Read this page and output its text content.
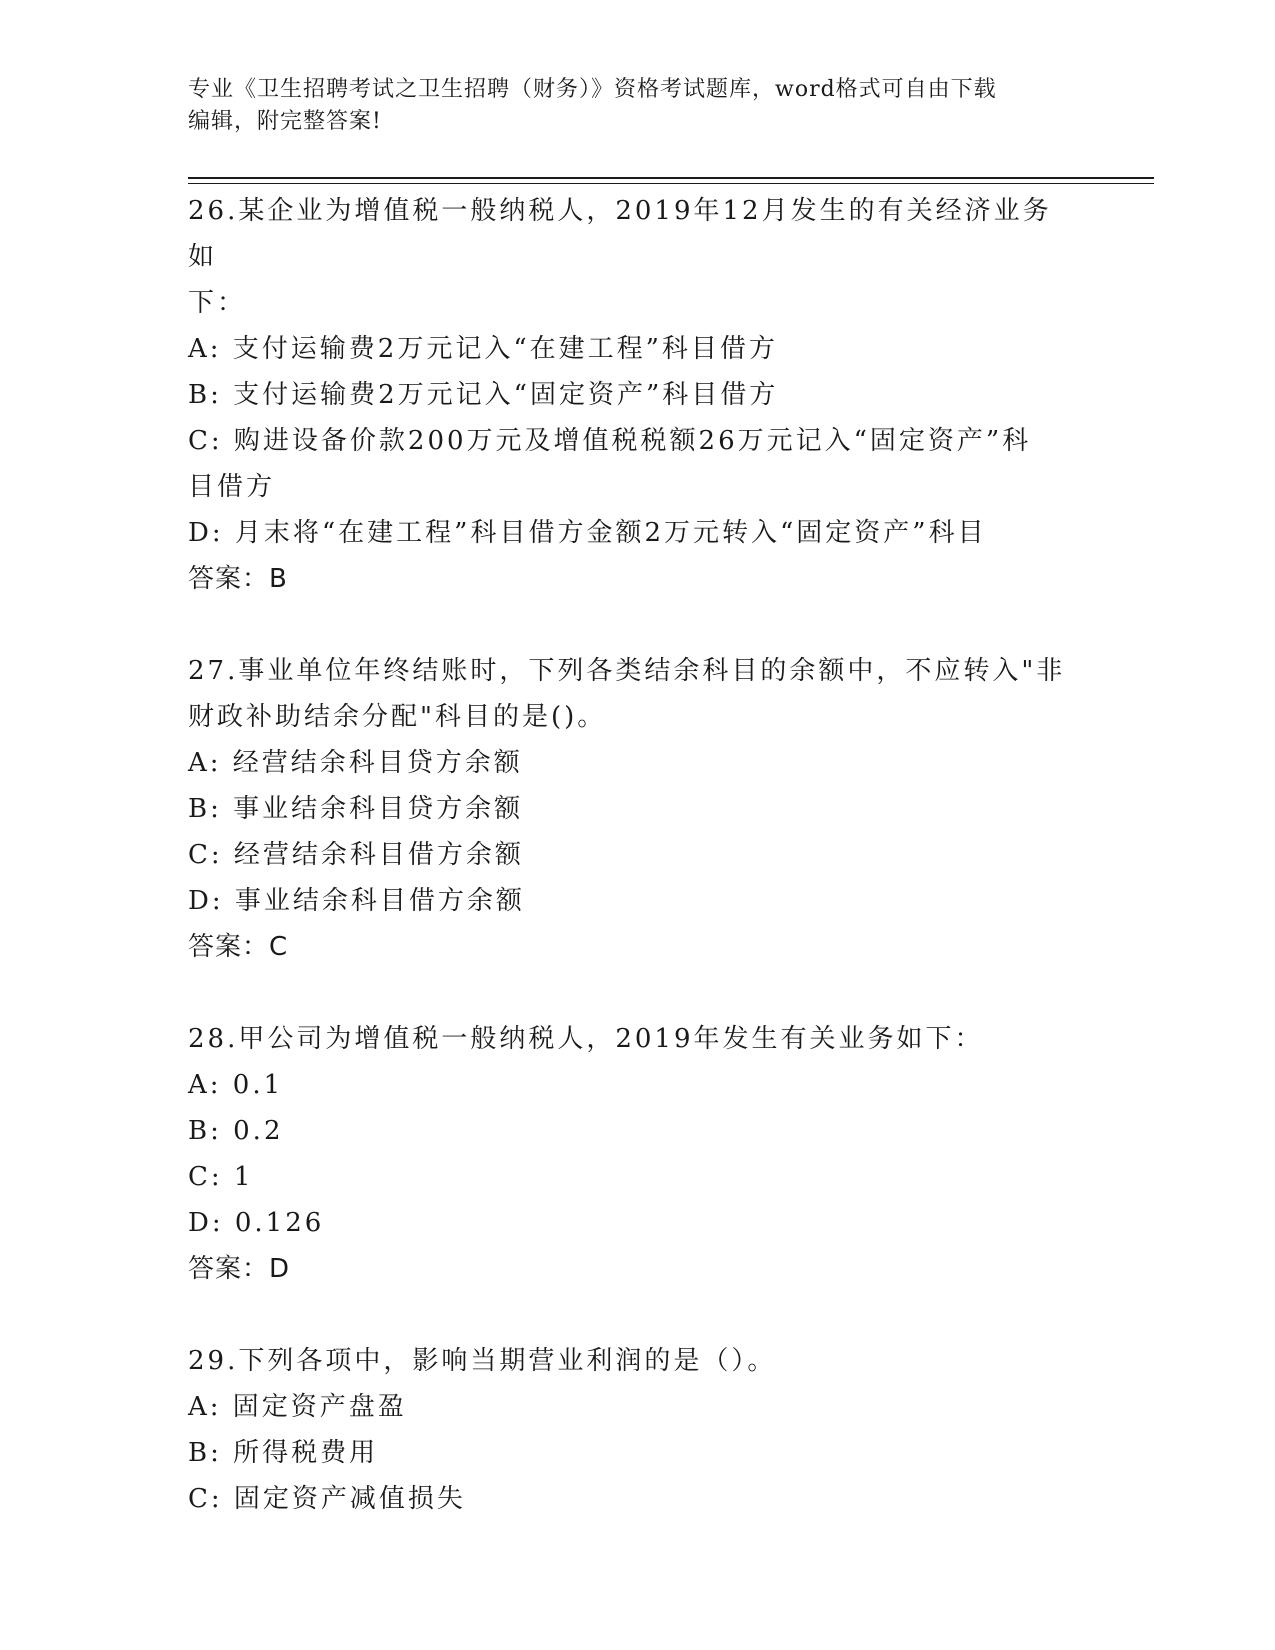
专业《卫生招聘考试之卫生招聘（财务）》资格考试题库，word格式可自由下载
编辑，附完整答案!

26.某企业为增值税一般纳税人，2019年12月发生的有关经济业务如

下：

A: 支付运输费2万元记入“在建工程”科目借方

B: 支付运输费2万元记入“固定资产”科目借方

C: 购进设备价款200万元及增值税税额26万元记入“固定资产”科

目借方

D: 月末将“在建工程”科目借方金额2万元转入“固定资产”科目

答案：B

27.事业单位年终结账时，下列各类结余科目的余额中，不应转入"非

财政补助结余分配"科目的是()。

A: 经营结余科目贷方余额

B: 事业结余科目贷方余额

C: 经营结余科目借方余额

D: 事业结余科目借方余额

答案：C

28.甲公司为增值税一般纳税人，2019年发生有关业务如下：

A: 0.1

B: 0.2

C: 1

D: 0.126

答案：D

29.下列各项中，影响当期营业利润的是（）。

A: 固定资产盘盈

B: 所得税费用

C: 固定资产减值损失
